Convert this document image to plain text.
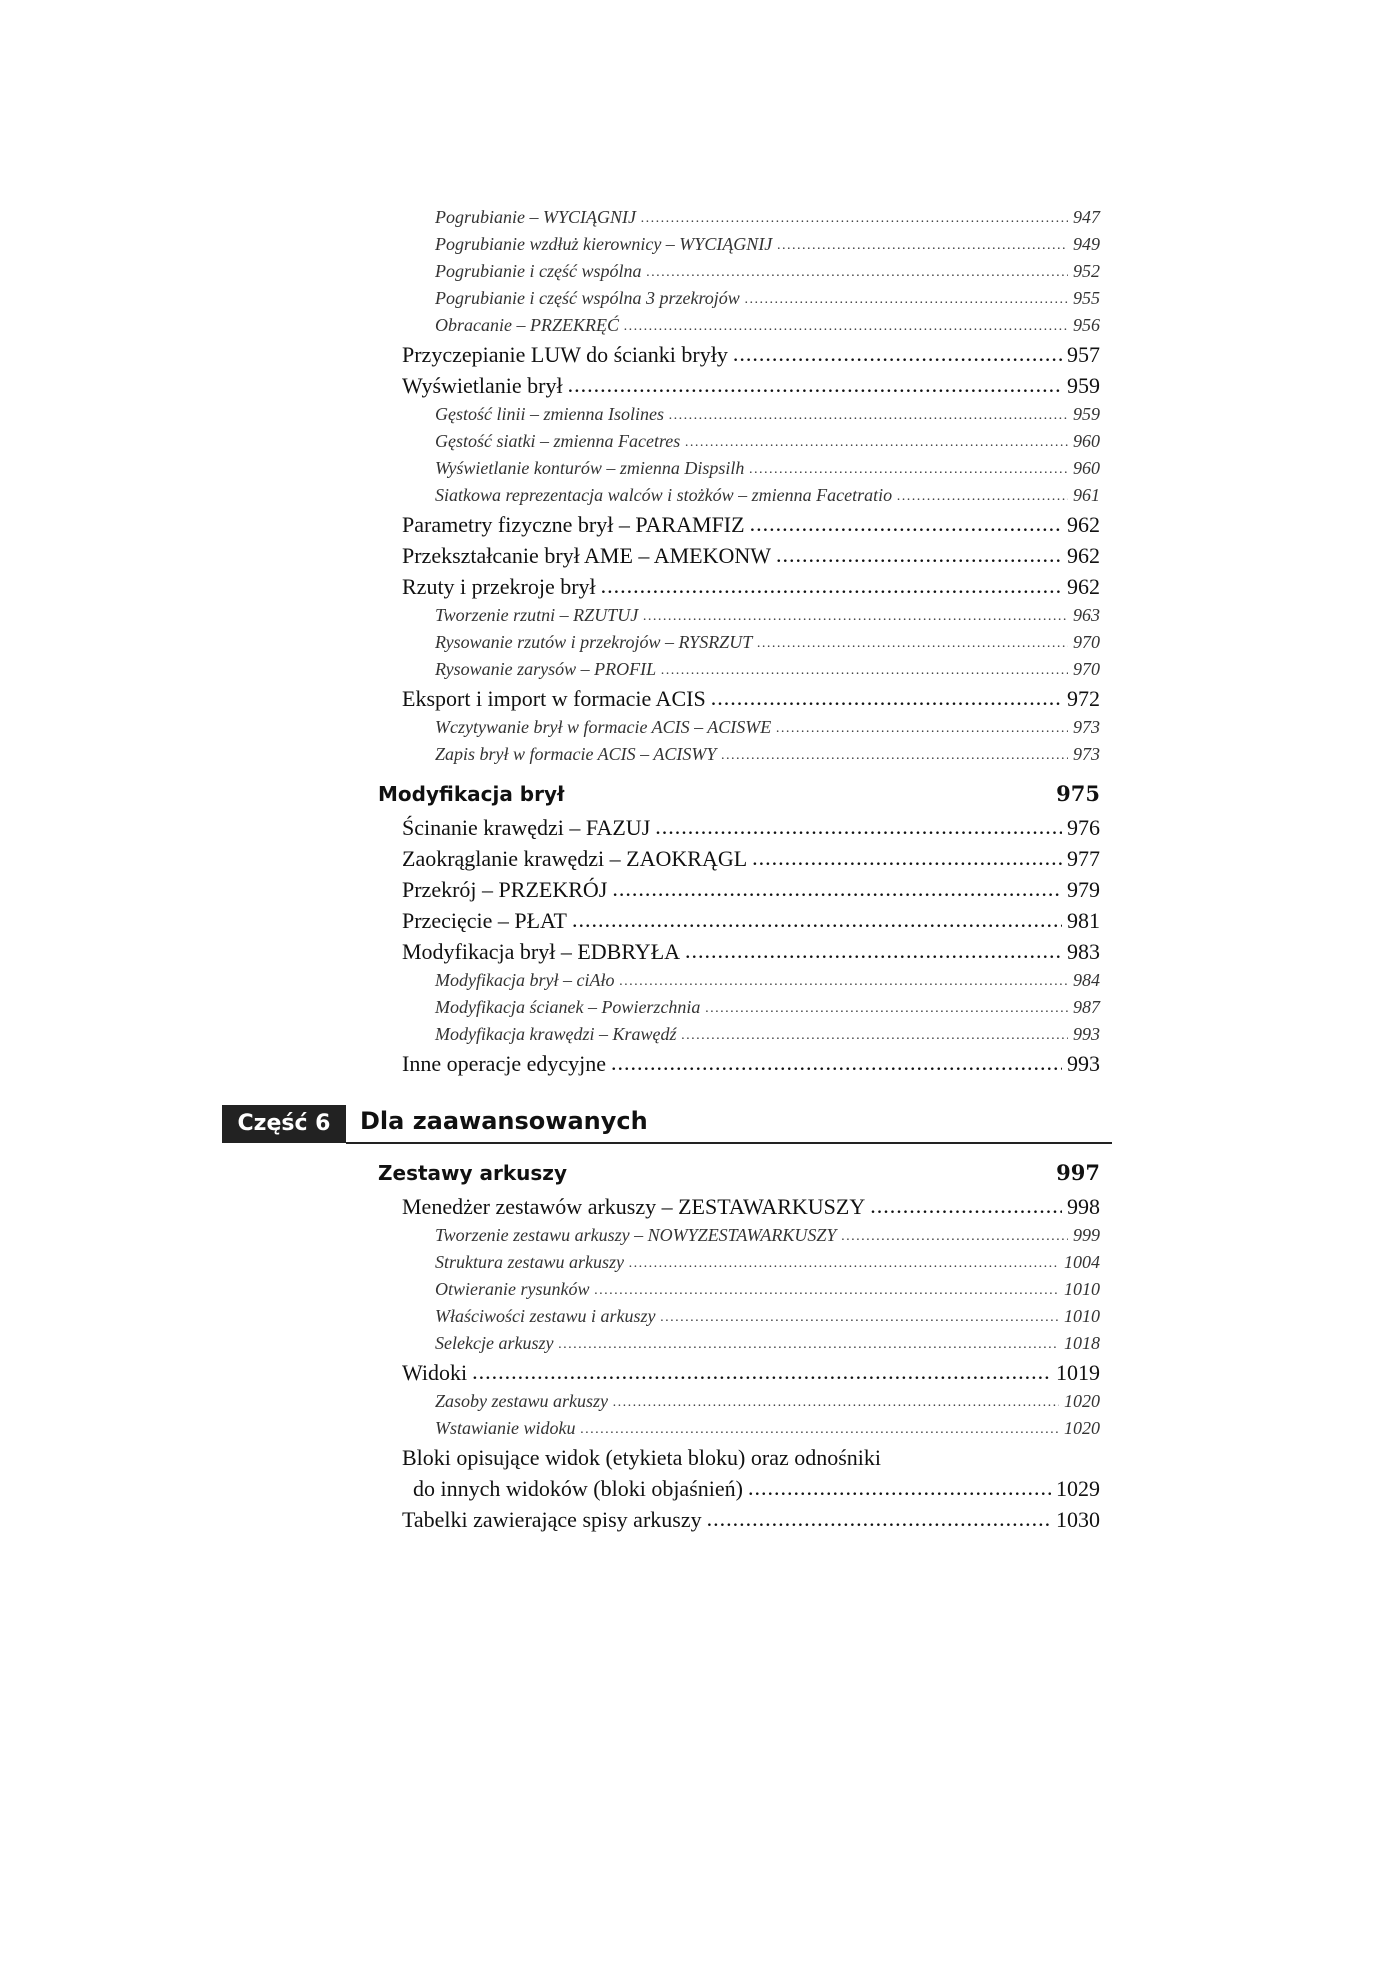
Pogrubianie – WYCIĄGNIJ .....	947
Pogrubianie wzdłuż kierownicy – WYCIĄGNIJ .....	949
Pogrubianie i część wspólna .....	952
Pogrubianie i część wspólna 3 przekrojów .....	955
Obracanie – PRZEKRĘĆ .....	956
Przyczepianie LUW do ścianki bryły .....	957
Wyświetlanie brył .....	959
Gęstość linii – zmienna Isolines .....	959
Gęstość siatki – zmienna Facetres .....	960
Wyświetlanie konturów – zmienna Dispsilh .....	960
Siatkowa reprezentacja walców i stożków – zmienna Facetratio .....	961
Parametry fizyczne brył – PARAMFIZ .....	962
Przekształcanie brył AME – AMEKONW .....	962
Rzuty i przekroje brył .....	962
Tworzenie rzutni – RZUTUJ .....	963
Rysowanie rzutów i przekrojów – RYSRZUT .....	970
Rysowanie zarysów – PROFIL .....	970
Eksport i import w formacie ACIS .....	972
Wczytywanie brył w formacie ACIS – ACISWE .....	973
Zapis brył w formacie ACIS – ACISWY .....	973
Modyfikacja brył	975
Ścinanie krawędzi – FAZUJ .....	976
Zaokrąglanie krawędzi – ZAOKRĄGL .....	977
Przekrój – PRZEKRÓJ .....	979
Przecięcie – PŁAT .....	981
Modyfikacja brył – EDBRYŁA .....	983
Modyfikacja brył – ciAło .....	984
Modyfikacja ścianek – Powierzchnia .....	987
Modyfikacja krawędzi – Krawędź .....	993
Inne operacje edycyjne .....	993
Część 6	Dla zaawansowanych
Zestawy arkuszy	997
Menedżer zestawów arkuszy – ZESTAWARKUSZY .....	998
Tworzenie zestawu arkuszy – NOWYZESTAWARKUSZY .....	999
Struktura zestawu arkuszy .....	1004
Otwieranie rysunków .....	1010
Właściwości zestawu i arkuszy .....	1010
Selekcje arkuszy .....	1018
Widoki .....	1019
Zasoby zestawu arkuszy .....	1020
Wstawianie widoku .....	1020
Bloki opisujące widok (etykieta bloku) oraz odnośniki
do innych widoków (bloki objaśnień) .....	1029
Tabelki zawierające spisy arkuszy .....	1030
